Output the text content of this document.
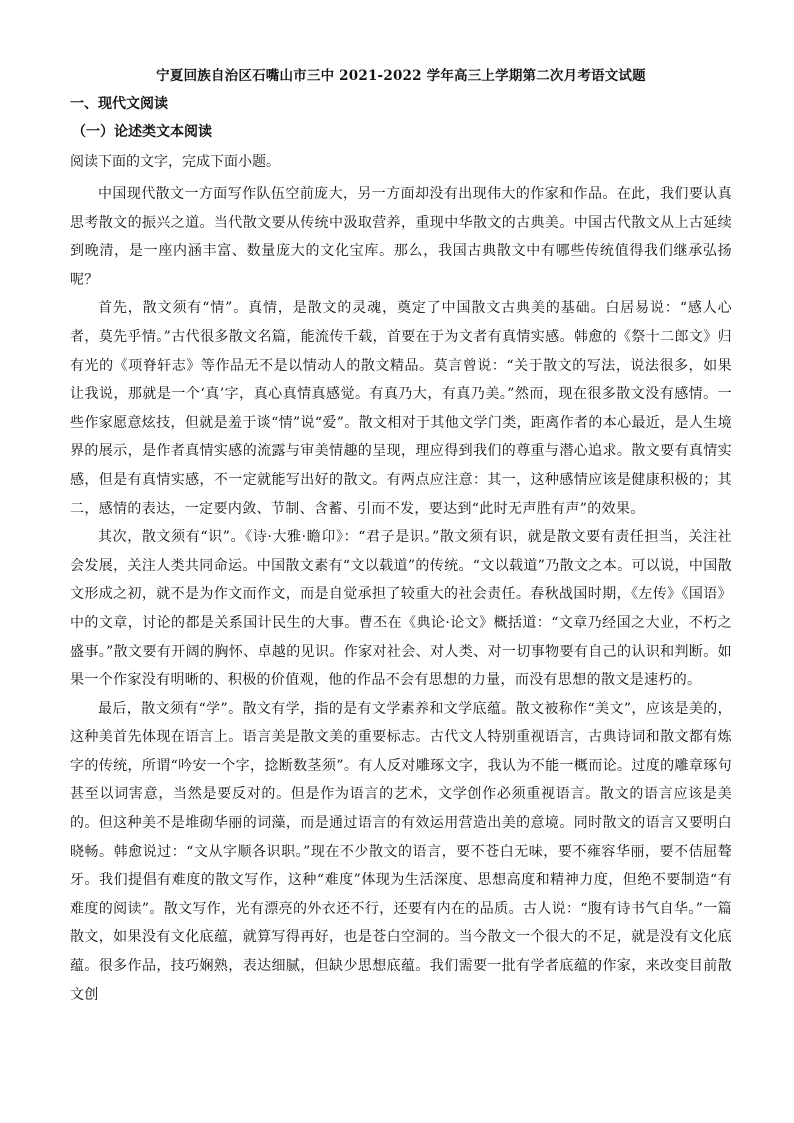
宁夏回族自治区石嘴山市三中 2021-2022 学年高三上学期第二次月考语文试题
一、现代文阅读
（一）论述类文本阅读
阅读下面的文字，完成下面小题。

中国现代散文一方面写作队伍空前庞大，另一方面却没有出现伟大的作家和作品。在此，我们要认真思考散文的振兴之道。当代散文要从传统中汲取营养，重现中华散文的古典美。中国古代散文从上古延续到晚清，是一座内涵丰富、数量庞大的文化宝库。那么，我国古典散文中有哪些传统值得我们继承弘扬呢？

首先，散文须有“情”。真情，是散文的灵魂，奠定了中国散文古典美的基础。白居易说：“感人心者，莫先乎情。”古代很多散文名篇，能流传千载，首要在于为文者有真情实感。韩愈的《祭十二郎文》归有光的《项脊轩志》等作品无不是以情动人的散文精品。莫言曾说：“关于散文的写法，说法很多，如果让我说，那就是一个‘真’字，真心真情真感觉。有真乃大，有真乃美。”然而，现在很多散文没有感情。一些作家愿意炫技，但就是羞于谈“情”说“爱”。散文相对于其他文学门类，距离作者的本心最近，是人生境界的展示，是作者真情实感的流露与审美情趣的呈现，理应得到我们的尊重与潜心追求。散文要有真情实感，但是有真情实感，不一定就能写出好的散文。有两点应注意：其一，这种感情应该是健康积极的；其二，感情的表达，一定要内敛、节制、含蓄、引而不发，要达到“此时无声胜有声”的效果。

其次，散文须有“识”。《诗·大雅·瞻卬》：“君子是识。”散文须有识，就是散文要有责任担当，关注社会发展，关注人类共同命运。中国散文素有“文以载道”的传统。“文以载道”乃散文之本。可以说，中国散文形成之初，就不是为作文而作文，而是自觉承担了较重大的社会责任。春秋战国时期，《左传》《国语》中的文章，讨论的都是关系国计民生的大事。曹丕在《典论·论文》概括道：“文章乃经国之大业，不朽之盛事。”散文要有开阔的胸怀、卓越的见识。作家对社会、对人类、对一切事物要有自己的认识和判断。如果一个作家没有明晰的、积极的价值观，他的作品不会有思想的力量，而没有思想的散文是速朽的。

最后，散文须有“学”。散文有学，指的是有文学素养和文学底蕴。散文被称作“美文”，应该是美的，这种美首先体现在语言上。语言美是散文美的重要标志。古代文人特别重视语言，古典诗词和散文都有炼字的传统，所谓“吟安一个字，捻断数茎须”。有人反对雕琢文字，我认为不能一概而论。过度的雕章琢句甚至以词害意，当然是要反对的。但是作为语言的艺术，文学创作必须重视语言。散文的语言应该是美的。但这种美不是堆砌华丽的词藻，而是通过语言的有效运用营造出美的意境。同时散文的语言又要明白晓畅。韩愈说过：“文从字顺各识职。”现在不少散文的语言，要不苍白无味，要不雍容华丽，要不佶屈聱牙。我们提倡有难度的散文写作，这种“难度”体现为生活深度、思想高度和精神力度，但绝不要制造“有难度的阅读”。散文写作，光有漂亮的外衣还不行，还要有内在的品质。古人说：“腹有诗书气自华。”一篇散文，如果没有文化底蕴，就算写得再好，也是苍白空洞的。当今散文一个很大的不足，就是没有文化底蕴。很多作品，技巧娴熟，表达细腻，但缺少思想底蕴。我们需要一批有学者底蕴的作家，来改变目前散文创
